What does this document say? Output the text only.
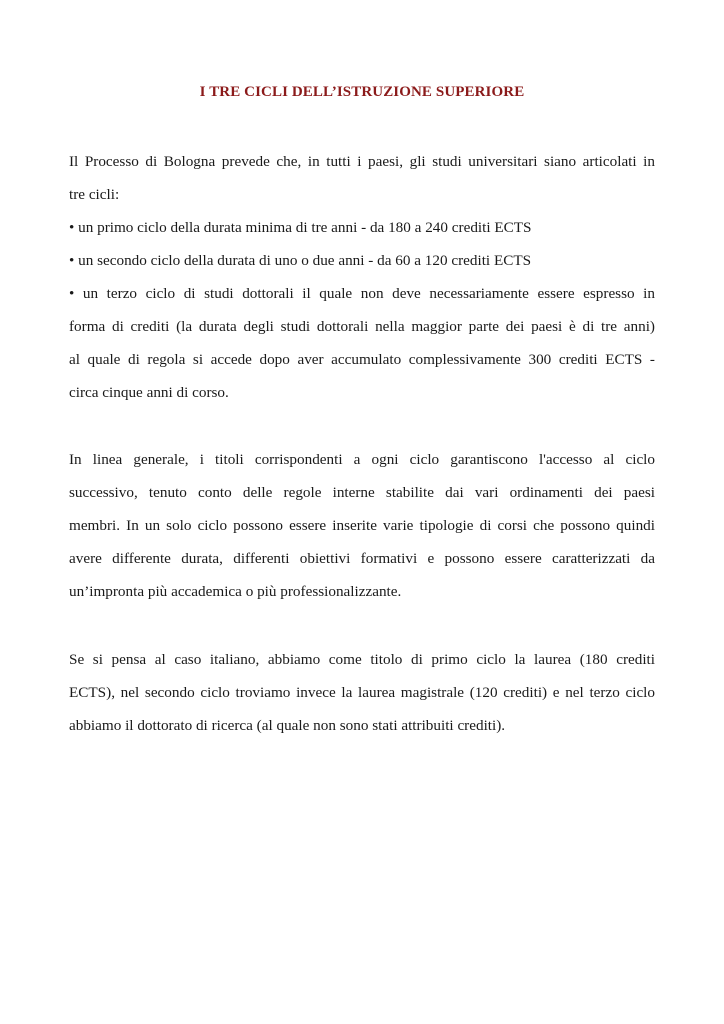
I TRE CICLI DELL’ISTRUZIONE SUPERIORE
Il Processo di Bologna prevede che, in tutti i paesi, gli studi universitari siano articolati in
tre cicli:
• un primo ciclo della durata minima di tre anni - da 180 a 240 crediti ECTS
• un secondo ciclo della durata di uno o due anni - da 60 a 120 crediti ECTS
• un terzo ciclo di studi dottorali il quale non deve necessariamente essere espresso in
forma di crediti (la durata degli studi dottorali nella maggior parte dei paesi è di tre anni)
al quale di regola si accede dopo aver accumulato complessivamente 300 crediti ECTS -
circa cinque anni di corso.
In linea generale, i titoli corrispondenti a ogni ciclo garantiscono l'accesso al ciclo
successivo, tenuto conto delle regole interne stabilite dai vari ordinamenti dei paesi
membri. In un solo ciclo possono essere inserite varie tipologie di corsi che possono quindi
avere differente durata, differenti obiettivi formativi e possono essere caratterizzati da
un’impronta più accademica o più professionalizzante.
Se si pensa al caso italiano, abbiamo come titolo di primo ciclo la laurea (180 crediti
ECTS), nel secondo ciclo troviamo invece la laurea magistrale (120 crediti) e nel terzo ciclo
abbiamo il dottorato di ricerca (al quale non sono stati attribuiti crediti).
